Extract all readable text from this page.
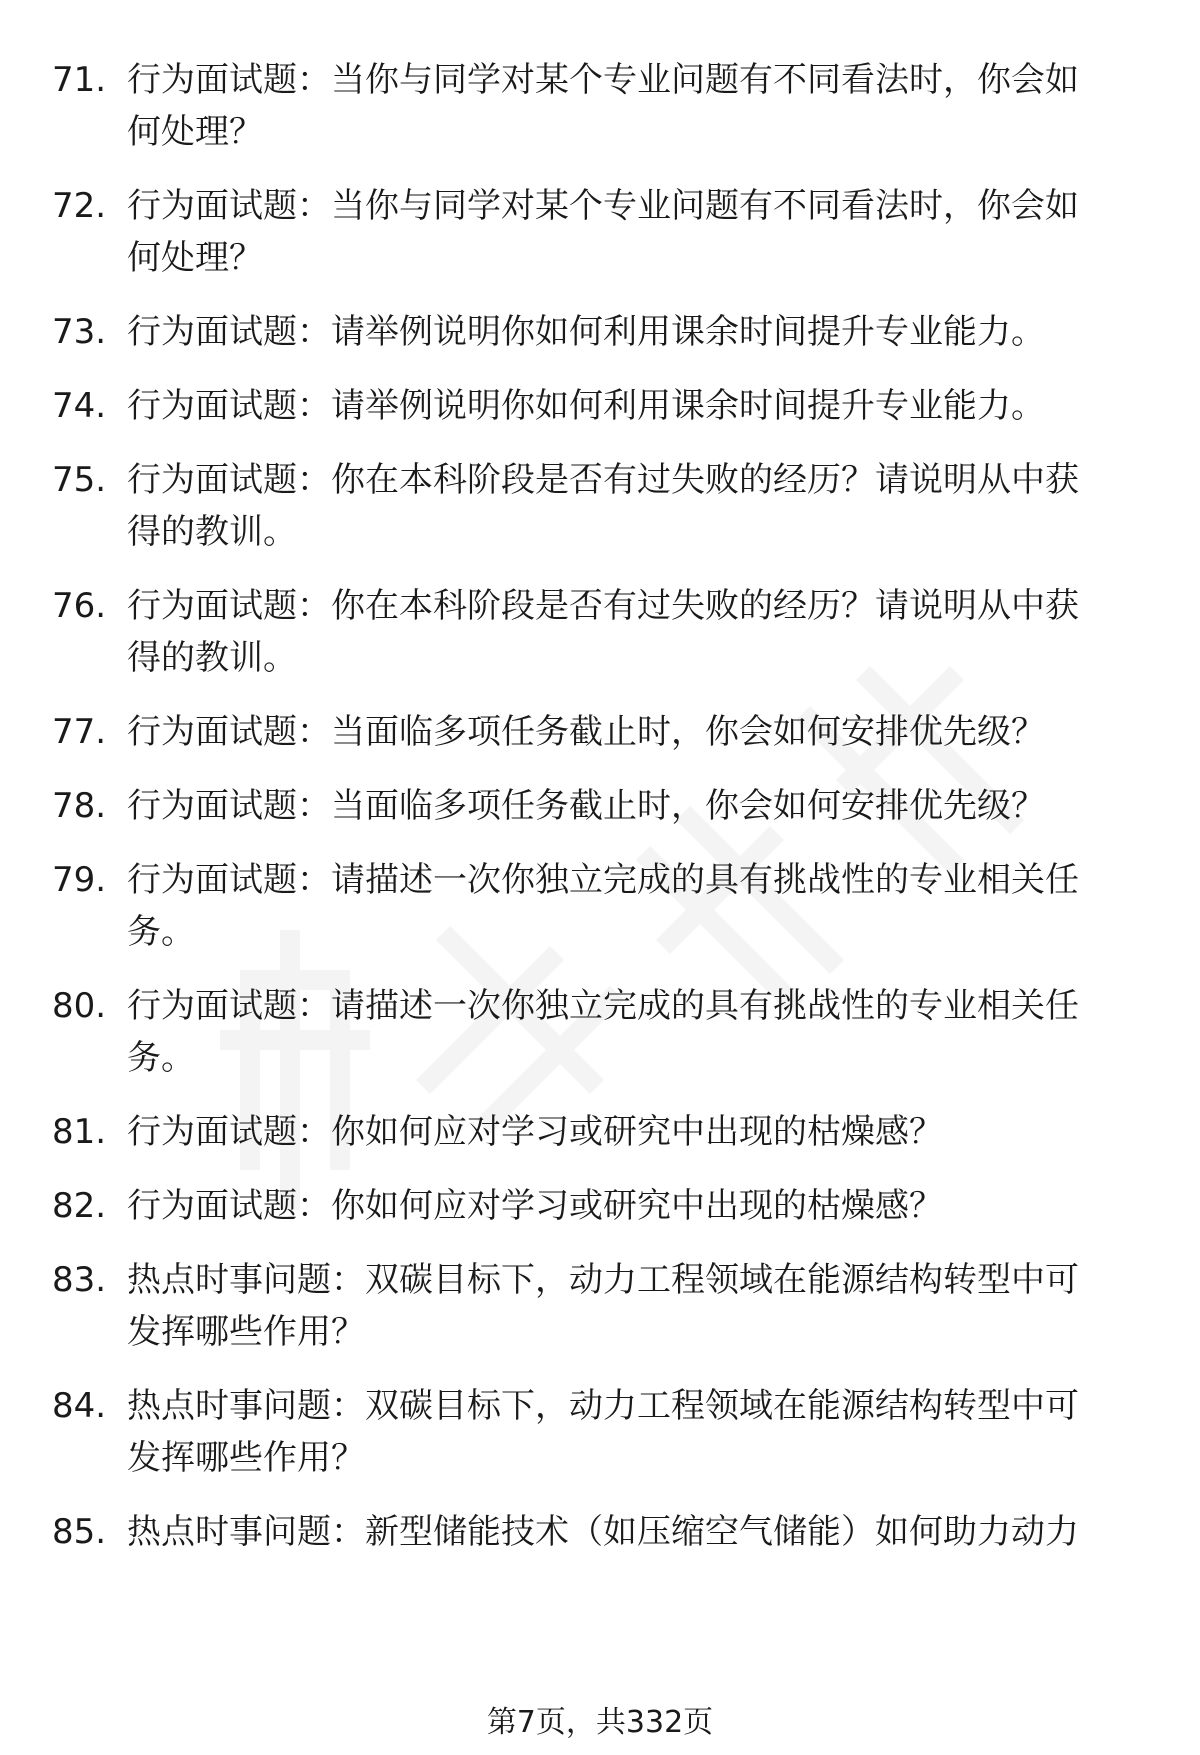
71. 行为面试题：当你与同学对某个专业问题有不同看法时，你会如
何处理？
72. 行为面试题：当你与同学对某个专业问题有不同看法时，你会如
何处理？
73. 行为面试题：请举例说明你如何利用课余时间提升专业能力。
74. 行为面试题：请举例说明你如何利用课余时间提升专业能力。
75. 行为面试题：你在本科阶段是否有过失败的经历？请说明从中获
得的教训。
76. 行为面试题：你在本科阶段是否有过失败的经历？请说明从中获
得的教训。
77. 行为面试题：当面临多项任务截止时，你会如何安排优先级？
78. 行为面试题：当面临多项任务截止时，你会如何安排优先级？
79. 行为面试题：请描述一次你独立完成的具有挑战性的专业相关任
务。
80. 行为面试题：请描述一次你独立完成的具有挑战性的专业相关任
务。
81. 行为面试题：你如何应对学习或研究中出现的枯燥感？
82. 行为面试题：你如何应对学习或研究中出现的枯燥感？
83. 热点时事问题：双碳目标下，动力工程领域在能源结构转型中可
发挥哪些作用？
84. 热点时事问题：双碳目标下，动力工程领域在能源结构转型中可
发挥哪些作用？
85. 热点时事问题：新型储能技术（如压缩空气储能）如何助力动力
第7页，共332页
